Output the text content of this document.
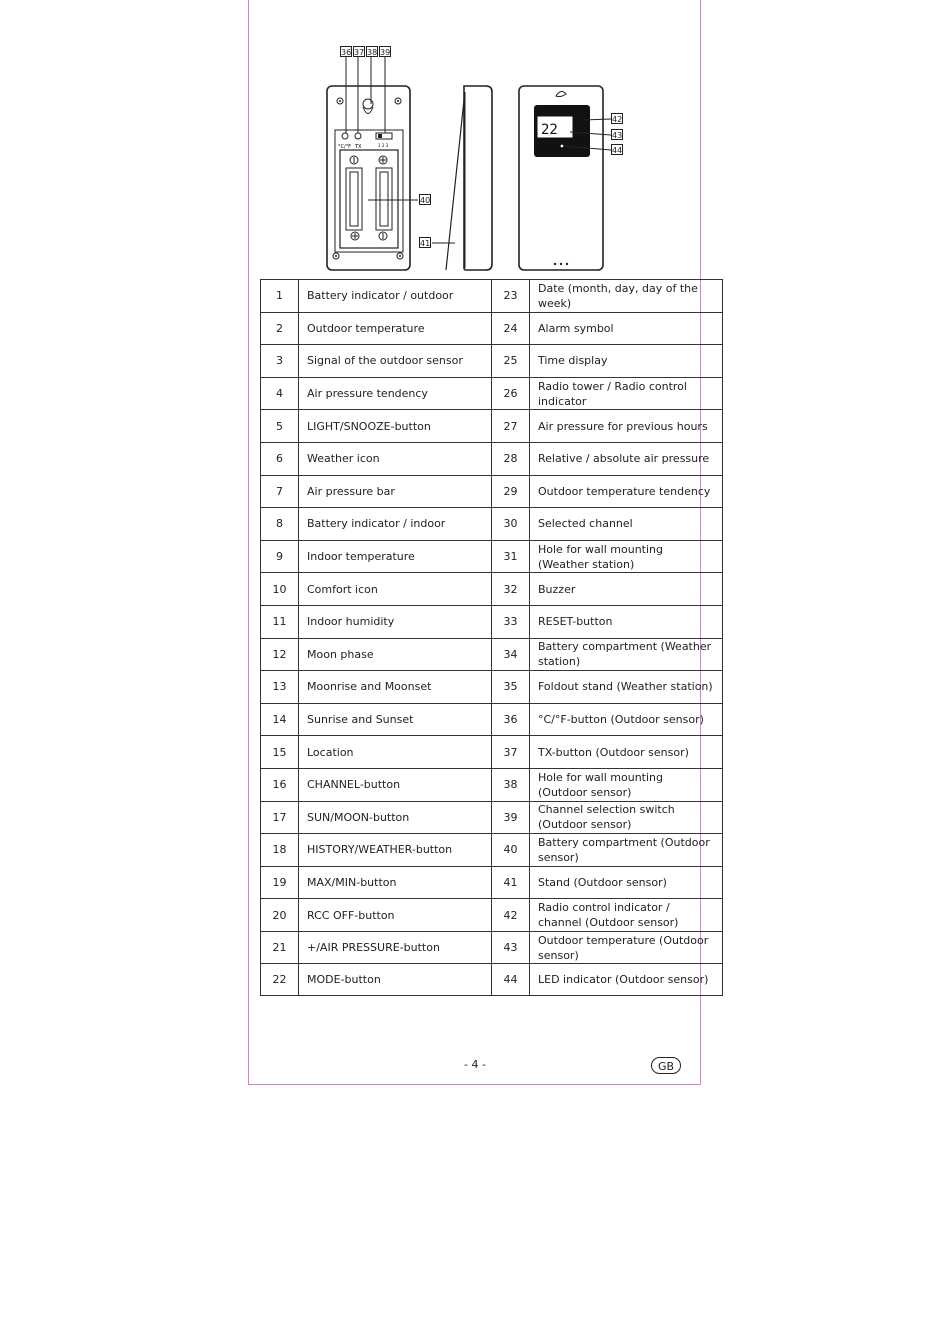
°C/°F TX	1 2 3
22
36 37 38 39
40
41
42
43
44
1	Battery indicator / outdoor	23	Date (month, day, day of the week)
2	Outdoor temperature	24	Alarm symbol
3	Signal of the outdoor sensor	25	Time display
4	Air pressure tendency	26	Radio tower / Radio control indicator
5	LIGHT/SNOOZE-button	27	Air pressure for previous hours
6	Weather icon	28	Relative / absolute air pressure
7	Air pressure bar	29	Outdoor temperature tendency
8	Battery indicator / indoor	30	Selected channel
9	Indoor temperature	31	Hole for wall mounting (Weather station)
10	Comfort icon	32	Buzzer
11	Indoor humidity	33	RESET-button
12	Moon phase	34	Battery compartment (Weather station)
13	Moonrise and Moonset	35	Foldout stand (Weather station)
14	Sunrise and Sunset	36	°C/°F-button (Outdoor sensor)
15	Location	37	TX-button (Outdoor sensor)
16	CHANNEL-button	38	Hole for wall mounting (Outdoor sensor)
17	SUN/MOON-button	39	Channel selection switch (Outdoor sensor)
18	HISTORY/WEATHER-button	40	Battery compartment (Outdoor sensor)
19	MAX/MIN-button	41	Stand (Outdoor sensor)
20	RCC OFF-button	42	Radio control indicator / channel (Outdoor sensor)
21	+/AIR PRESSURE-button	43	Outdoor temperature (Outdoor sensor)
22	MODE-button	44	LED indicator (Outdoor sensor)
- 4 -	GB
